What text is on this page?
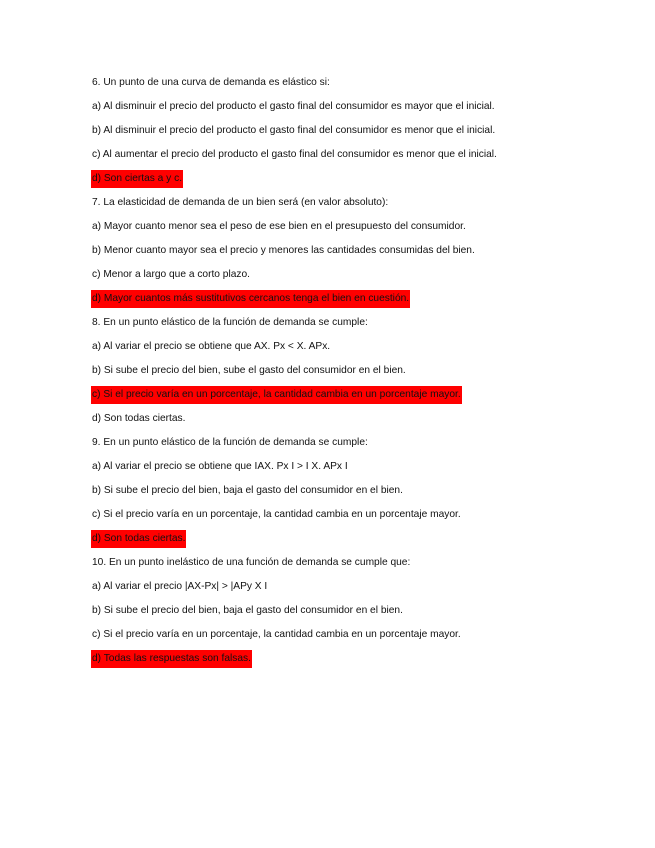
6. Un punto de una curva de demanda es elástico si:
a) Al disminuir el precio del producto el gasto final del consumidor es mayor que el inicial.
b) Al disminuir el precio del producto el gasto final del consumidor es menor que el inicial.
c) Al aumentar el precio del producto el gasto final del consumidor es menor que el inicial.
d) Son ciertas a y c.
7. La elasticidad de demanda de un bien será (en valor absoluto):
a) Mayor cuanto menor sea el peso de ese bien en el presupuesto del consumidor.
b) Menor cuanto mayor sea el precio y menores las cantidades consumidas del bien.
c) Menor a largo que a corto plazo.
d) Mayor cuantos más sustitutivos cercanos tenga el bien en cuestión.
8. En un punto elástico de la función de demanda se cumple:
a) Al variar el precio se obtiene que AX. Px < X. APx.
b) Si sube el precio del bien, sube el gasto del consumidor en el bien.
c) Si el precio varía en un porcentaje, la cantidad cambia en un porcentaje mayor.
d) Son todas ciertas.
9. En un punto elástico de la función de demanda se cumple:
a) Al variar el precio se obtiene que IAX. Px I > I X. APx I
b) Si sube el precio del bien, baja el gasto del consumidor en el bien.
c) Si el precio varía en un porcentaje, la cantidad cambia en un porcentaje mayor.
d) Son todas ciertas.
10. En un punto inelástico de una función de demanda se cumple que:
a) Al variar el precio |AX-Px| > |APy X I
b) Si sube el precio del bien, baja el gasto del consumidor en el bien.
c) Si el precio varía en un porcentaje, la cantidad cambia en un porcentaje mayor.
d) Todas las respuestas son falsas.
